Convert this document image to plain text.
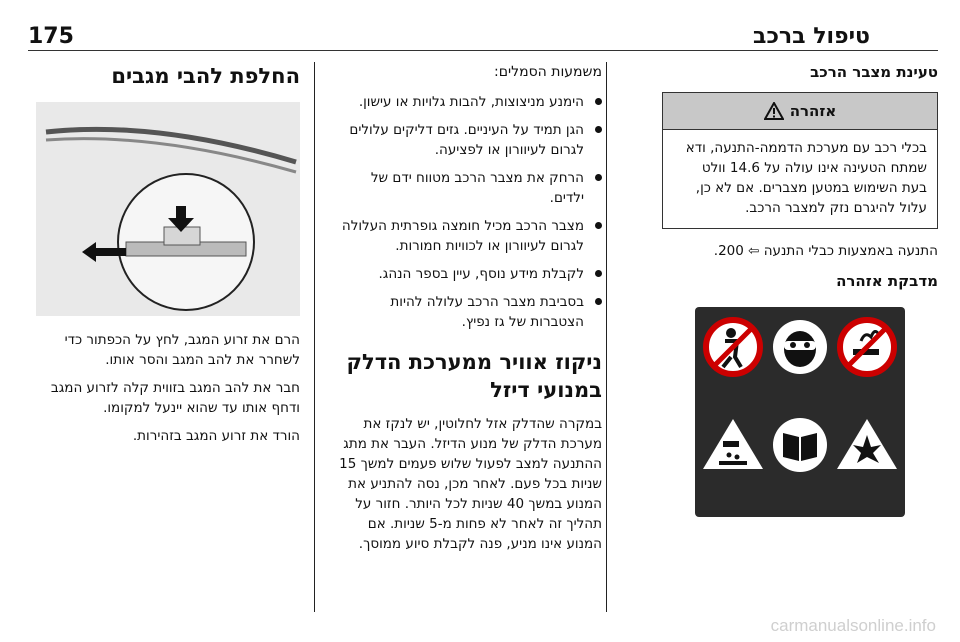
175	טיפול ברכב
טעינת מצבר הרכב
אזהרה
בכלי רכב עם מערכת הדממה-התנעה, ודא שמתח הטעינה אינו עולה על 14.6 וולט בעת השימוש במטען מצברים. אם לא כן, עלול להיגרם נזק למצבר הרכב.
התנעה באמצעות כבלי התנעה ⇦ 200.
מדבקת אזהרה
משמעות הסמלים:
הימנע מניצוצות, להבות גלויות או עישון.
הגן תמיד על העיניים. גזים דליקים עלולים לגרום לעיוורון או לפציעה.
הרחק את מצבר הרכב מטווח ידם של ילדים.
מצבר הרכב מכיל חומצה גופרתית העלולה לגרום לעיוורון או לכוויות חמורות.
לקבלת מידע נוסף, עיין בספר הנהג.
בסביבת מצבר הרכב עלולה להיות הצטברות של גז נפיץ.
ניקוז אוויר ממערכת הדלק במנועי דיזל
במקרה שהדלק אזל לחלוטין, יש לנקז את מערכת הדלק של מנוע הדיזל. העבר את מתג ההתנעה למצב לפעול שלוש פעמים למשך 15 שניות בכל פעם. לאחר מכן, נסה להתניע את המנוע במשך 40 שניות לכל היותר. חזור על תהליך זה לאחר לא פחות מ-5 שניות. אם המנוע אינו מניע, פנה לקבלת סיוע ממוסך.
החלפת להבי מגבים
הרם את זרוע המגב, לחץ על הכפתור כדי לשחרר את להב המגב והסר אותו.
חבר את להב המגב בזווית קלה לזרוע המגב ודחף אותו עד שהוא יינעל למקומו.
הורד את זרוע המגב בזהירות.
carmanualsonline.info
